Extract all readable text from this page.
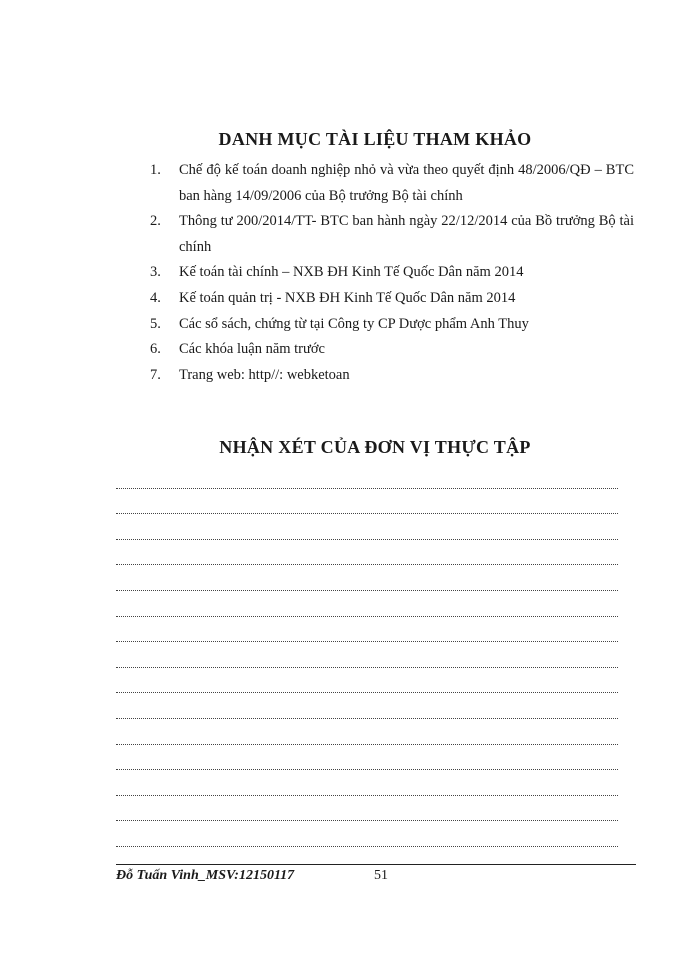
DANH MỤC TÀI LIỆU THAM KHẢO
1. Chế độ kế toán doanh nghiệp nhỏ và vừa theo quyết định 48/2006/QĐ – BTC ban hàng 14/09/2006 của Bộ trưởng Bộ tài chính
2. Thông tư 200/2014/TT- BTC ban hành ngày 22/12/2014 của Bồ trưởng Bộ tài chính
3. Kế toán tài chính – NXB ĐH Kinh Tế Quốc Dân năm 2014
4. Kế toán quản trị - NXB ĐH Kinh Tế Quốc Dân năm 2014
5. Các sổ sách, chứng từ tại Công ty CP Dược phẩm Anh Thuy
6. Các khóa luận năm trước
7. Trang web: http//: webketoan
NHẬN XÉT CỦA ĐƠN VỊ THỰC TẬP
Đỗ Tuấn Vinh_MSV:12150117	51
